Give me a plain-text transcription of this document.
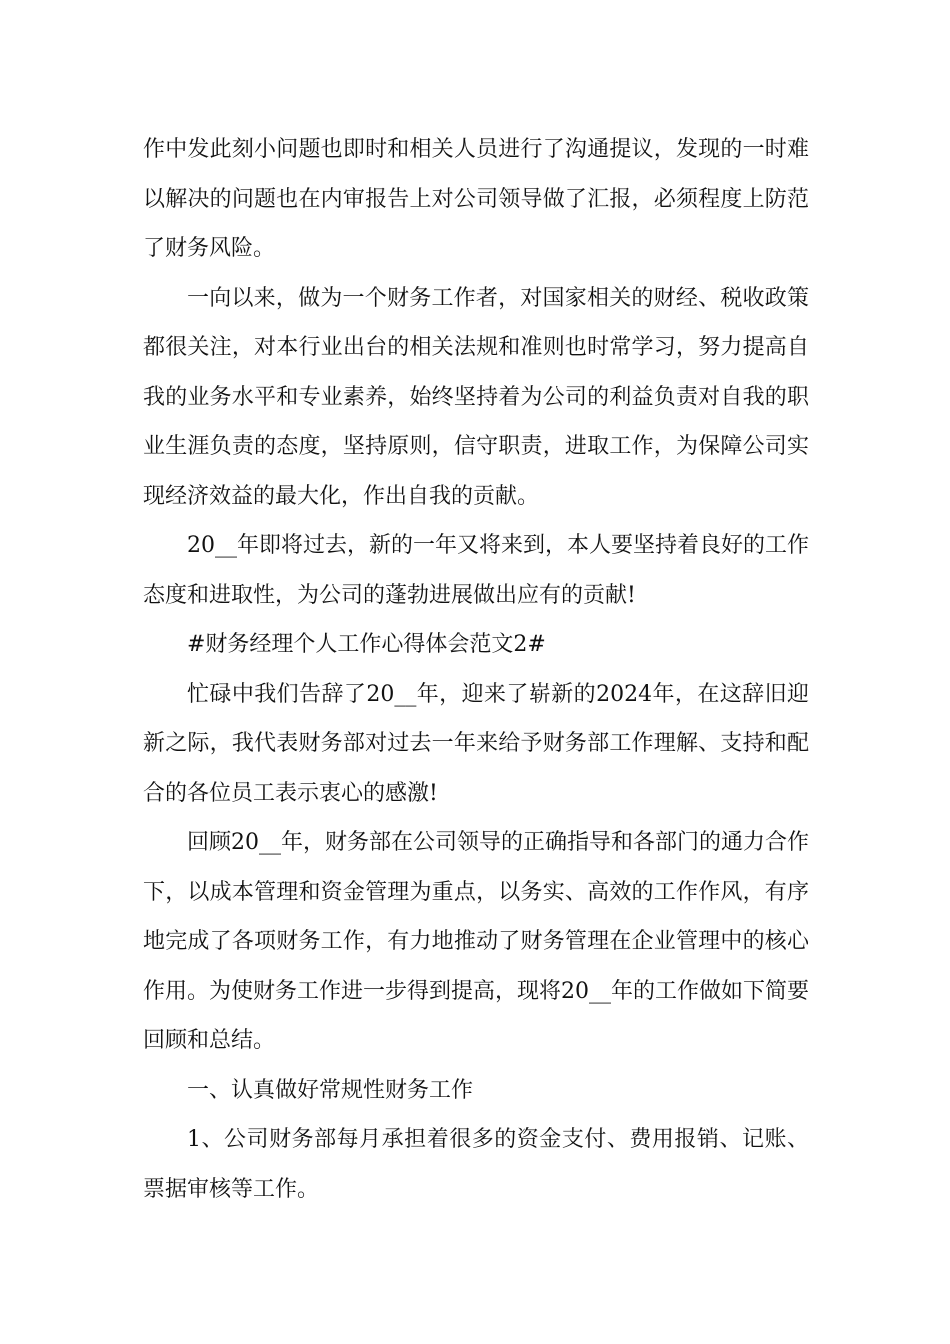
作中发此刻小问题也即时和相关人员进行了沟通提议，发现的一时难以解决的问题也在内审报告上对公司领导做了汇报，必须程度上防范了财务风险。

一向以来，做为一个财务工作者，对国家相关的财经、税收政策都很关注，对本行业出台的相关法规和准则也时常学习，努力提高自我的业务水平和专业素养，始终坚持着为公司的利益负责对自我的职业生涯负责的态度，坚持原则，信守职责，进取工作，为保障公司实现经济效益的最大化，作出自我的贡献。

20__年即将过去，新的一年又将来到，本人要坚持着良好的工作态度和进取性，为公司的蓬勃进展做出应有的贡献!

#财务经理个人工作心得体会范文2#

忙碌中我们告辞了20__年，迎来了崭新的2024年，在这辞旧迎新之际，我代表财务部对过去一年来给予财务部工作理解、支持和配合的各位员工表示衷心的感激!

回顾20__年，财务部在公司领导的正确指导和各部门的通力合作下，以成本管理和资金管理为重点，以务实、高效的工作作风，有序地完成了各项财务工作，有力地推动了财务管理在企业管理中的核心作用。为使财务工作进一步得到提高，现将20__年的工作做如下简要回顾和总结。

一、认真做好常规性财务工作

1、公司财务部每月承担着很多的资金支付、费用报销、记账、票据审核等工作。
